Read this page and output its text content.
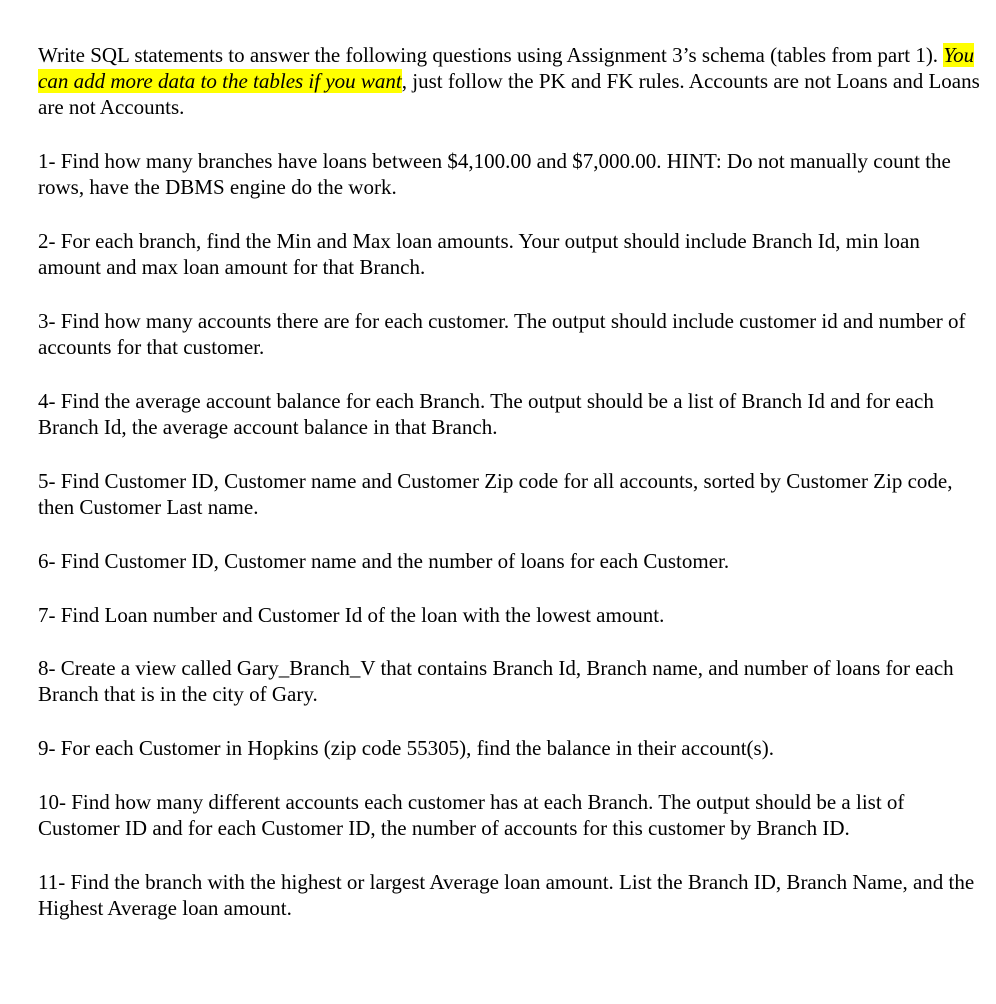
Write SQL statements to answer the following questions using Assignment 3’s schema (tables from part 1). You can add more data to the tables if you want, just follow the PK and FK rules. Accounts are not Loans and Loans are not Accounts.

1- Find how many branches have loans between $4,100.00 and $7,000.00. HINT: Do not manually count the rows, have the DBMS engine do the work.

2- For each branch, find the Min and Max loan amounts. Your output should include Branch Id, min loan amount and max loan amount for that Branch.

3- Find how many accounts there are for each customer. The output should include customer id and number of accounts for that customer.

4- Find the average account balance for each Branch. The output should be a list of Branch Id and for each Branch Id, the average account balance in that Branch.

5- Find Customer ID, Customer name and Customer Zip code for all accounts, sorted by Customer Zip code, then Customer Last name.

6- Find Customer ID, Customer name and the number of loans for each Customer.

7- Find Loan number and Customer Id of the loan with the lowest amount.

8- Create a view called Gary_Branch_V that contains Branch Id, Branch name, and number of loans for each Branch that is in the city of Gary.

9- For each Customer in Hopkins (zip code 55305), find the balance in their account(s).

10- Find how many different accounts each customer has at each Branch. The output should be a list of Customer ID and for each Customer ID, the number of accounts for this customer by Branch ID.

11- Find the branch with the highest or largest Average loan amount. List the Branch ID, Branch Name, and the Highest Average loan amount.
